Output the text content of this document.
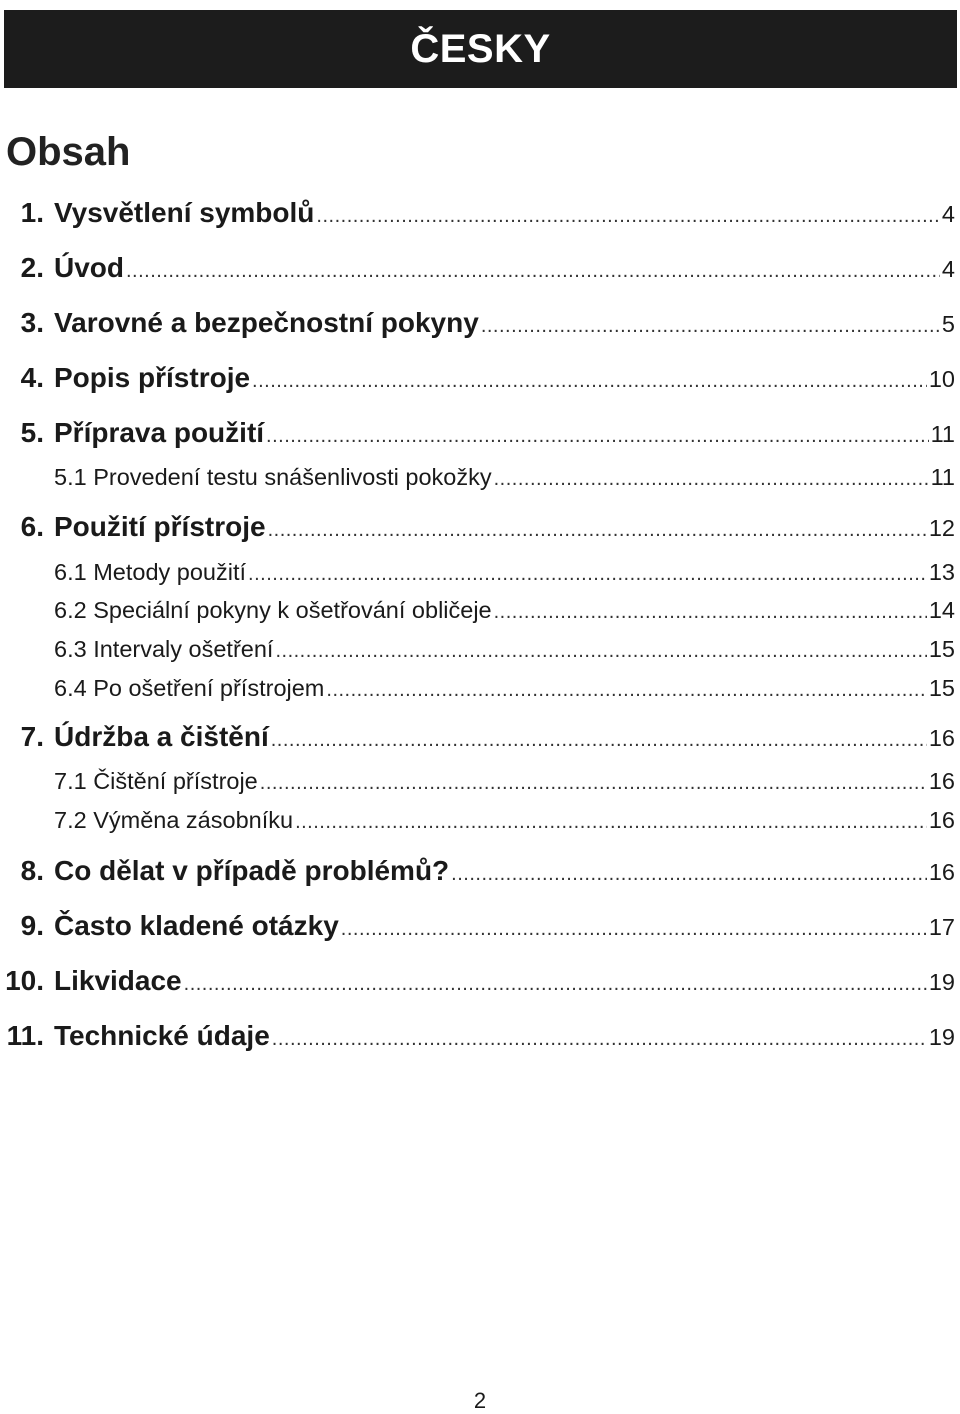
ČESKY
Obsah
1. Vysvětlení symbolů .....	4
2. Úvod .....	4
3. Varovné a bezpečnostní pokyny .....	5
4. Popis přístroje .....	10
5. Příprava použití .....	11
5.1 Provedení testu snášenlivosti pokožky .....	11
6. Použití přístroje .....	12
6.1 Metody použití .....	13
6.2 Speciální pokyny k ošetřování obličeje .....	14
6.3 Intervaly ošetření .....	15
6.4 Po ošetření přístrojem .....	15
7. Údržba a čištění .....	16
7.1 Čištění přístroje .....	16
7.2 Výměna zásobníku .....	16
8. Co dělat v případě problémů? .....	16
9. Často kladené otázky .....	17
10. Likvidace .....	19
11. Technické údaje .....	19
2
